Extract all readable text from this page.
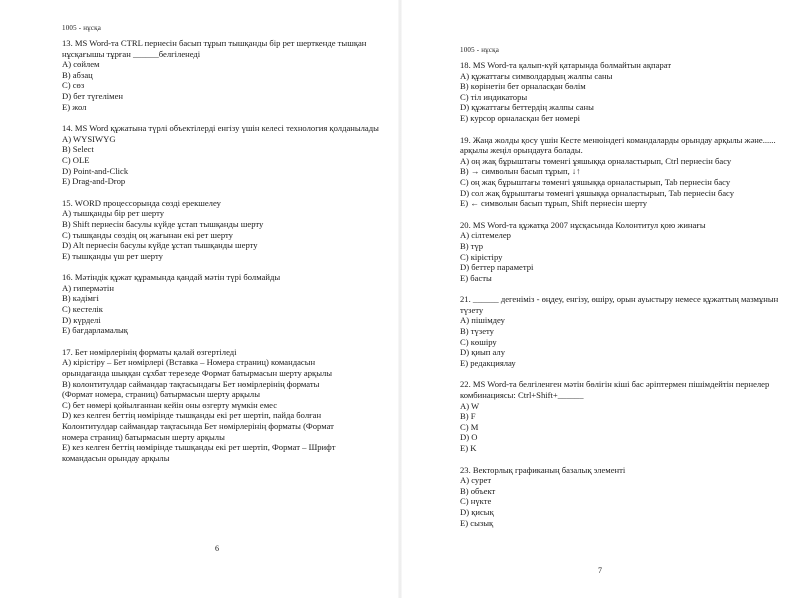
1005 - нұсқа

13. MS Word-та CTRL пернесін басып тұрып тышқанды бір рет шерткенде тышқан нұсқағышы тұрған ______белгіленеді

A) сөйлем
B) абзац
C) сөз
D) бет түгелімен
E) жол

14. MS Word құжатына түрлі объектілерді енгізу үшін келесі технология қолданылады

A) WYSIWYG
B) Select
C) OLE
D) Point-and-Click
E) Drag-and-Drop

15. WORD процессорында сөзді ерекшелеу

A) тышқанды бір рет шерту
B) Shift пернесін басулы күйде ұстап тышқанды шерту
C) тышқанды сөздің оң жағынан екі рет шерту
D) Alt пернесін басулы күйде ұстап тышқанды шерту
E) тышқанды үш рет шерту

16. Мәтіндік құжат құрамында қандай мәтін түрі болмайды

A) гипермәтін
B) кәдімгі
C) кестелік
D) күрделі
E) бағдарламалық

17. Бет нөмірлерінің форматы қалай өзгертіледі

A) кірістіру – Бет нөмірлері (Вставка – Номера страниц) командасын
орындағанда шыққан сұхбат терезеде Формат батырмасын шерту арқылы
B) колонтитулдар саймандар тақтасындағы Бет нөмірлерінің форматы
(Формат номера, страниц) батырмасын шерту арқылы
C) бет нөмері қойылғаннан кейін оны өзгерту мүмкін емес
D) кез келген беттің нөмірінде тышқанды екі рет шертіп, пайда болған
Колонтитулдар саймандар тақтасында Бет нөмірлерінің форматы (Формат
номера страниц) батырмасын шерту арқылы
E) кез келген беттің нөмірінде тышқанды екі рет шертіп, Формат – Шрифт
командасын орындау арқылы
6

1005 - нұсқа

18. MS Word-та қалып-күй қатарында болмайтын ақпарат

A) құжаттағы символдардың жалпы саны
B) көрінетін бет орналасқан бөлім
C) тіл индикаторы
D) құжаттағы беттердің жалпы саны
E) курсор орналасқан бет нөмері

19. Жаңа жолды қосу үшін Кесте менюіндегі командаларды орындау арқылы және...... арқылы жеңіл орындауға болады.

A) оң жақ бұрыштағы төменгі ұяшыққа орналастырып, Ctrl пернесін басу
B) → символын басып тұрып, ↓↑
C) оң жақ бұрыштағы төменгі ұяшыққа орналастырып, Tab пернесін басу
D) сол жақ бұрыштағы төменгі ұяшыққа орналастырып, Tab пернесін басу
E) ← символын басып тұрып, Shift пернесін шерту

20. MS Word-та құжатқа 2007 нұсқасында Колонтитул қою жинағы

A) сілтемелер
B) түр
C) кірістіру
D) беттер параметрі
E) басты

21. ______ дегеніміз - өңдеу, енгізу, өшіру, орын ауыстыру немесе құжаттың мазмұнын түзету

A) пішімдеу
B) түзету
C) көшіру
D) қиып алу
E) редакциялау

22. MS Word-та белгіленген мәтін бөлігін кіші бас әріптермен пішімдейтін пернелер комбинациясы: Ctrl+Shift+______

A) W
B) F
C) M
D) O
E) K

23. Векторлық графиканың базалық элементі

A) сурет
B) объект
C) нүкте
D) қисық
E) сызық
7
